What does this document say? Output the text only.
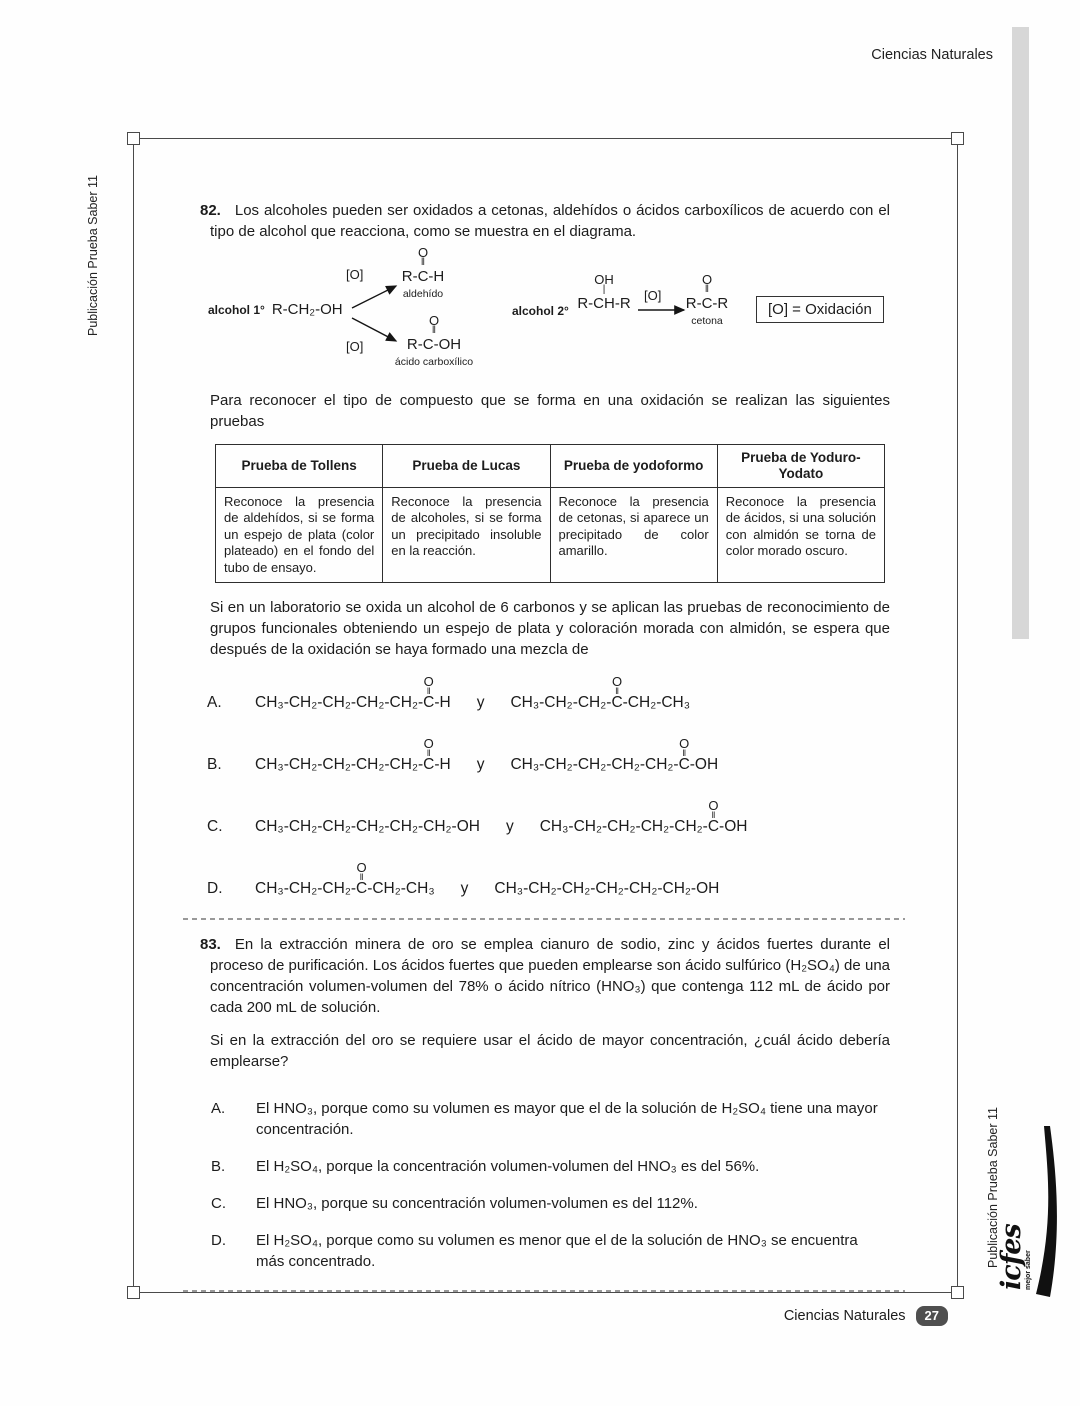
Ciencias Naturales
Publicación Prueba Saber 11
Publicación Prueba Saber 11

82. Los alcoholes pueden ser oxidados a cetonas, aldehídos o ácidos carboxílicos de acuerdo con el tipo de alcohol que reacciona, como se muestra en el diagrama.

O
‖
R-C-H
aldehído
[O]
alcohol 1° R-CH₂-OH
[O]
O
‖
R-C-OH
ácido carboxílico
alcohol 2°
OH
|
R-CH-R [O]
O
‖
R-C-R
cetona
[O] = Oxidación

Para reconocer el tipo de compuesto que se forma en una oxidación se realizan las siguientes pruebas

Prueba de Tollens	Prueba de Lucas	Prueba de yodoformo	Prueba de Yoduro-Yodato
Reconoce la presencia de aldehídos, si se forma un espejo de plata (color plateado) en el fondo del tubo de ensayo.	Reconoce la presencia de alcoholes, si se forma un precipitado insoluble en la reacción.	Reconoce la presencia de cetonas, si aparece un precipitado de color amarillo.	Reconoce la presencia de ácidos, si una solución con almidón se torna de color morado oscuro.

Si en un laboratorio se oxida un alcohol de 6 carbonos y se aplican las pruebas de reconocimiento de grupos funcionales obteniendo un espejo de plata y coloración morada con almidón, se espera que después de la oxidación se haya formado una mezcla de

A.	CH₃-CH₂-CH₂-CH₂-CH₂-
O
‖
C-H y CH₃-CH₂-CH₂-
O
‖
C-CH₂-CH₃
B.	CH₃-CH₂-CH₂-CH₂-CH₂-
O
‖
C-H y CH₃-CH₂-CH₂-CH₂-CH₂-
O
‖
C-OH
C.	CH₃-CH₂-CH₂-CH₂-CH₂-CH₂-OH y CH₃-CH₂-CH₂-CH₂-CH₂-
O
‖
C-OH
D.	CH₃-CH₂-CH₂-
O
‖
C-CH₂-CH₃ y CH₃-CH₂-CH₂-CH₂-CH₂-CH₂-OH

83. En la extracción minera de oro se emplea cianuro de sodio, zinc y ácidos fuertes durante el proceso de purificación. Los ácidos fuertes que pueden emplearse son ácido sulfúrico (H₂SO₄) de una concentración volumen-volumen del 78% o ácido nítrico (HNO₃) que contenga 112 mL de ácido por cada 200 mL de solución.

Si en la extracción del oro se requiere usar el ácido de mayor concentración, ¿cuál ácido debería emplearse?

A.	El HNO₃, porque como su volumen es mayor que el de la solución de H₂SO₄ tiene una mayor concentración.
B.	El H₂SO₄, porque la concentración volumen-volumen del HNO₃ es del 56%.
C.	El HNO₃, porque su concentración volumen-volumen es del 112%.
D.	El H₂SO₄, porque como su volumen es menor que el de la solución de HNO₃ se encuentra más concentrado.
Ciencias Naturales	27
icfes
mejor saber
